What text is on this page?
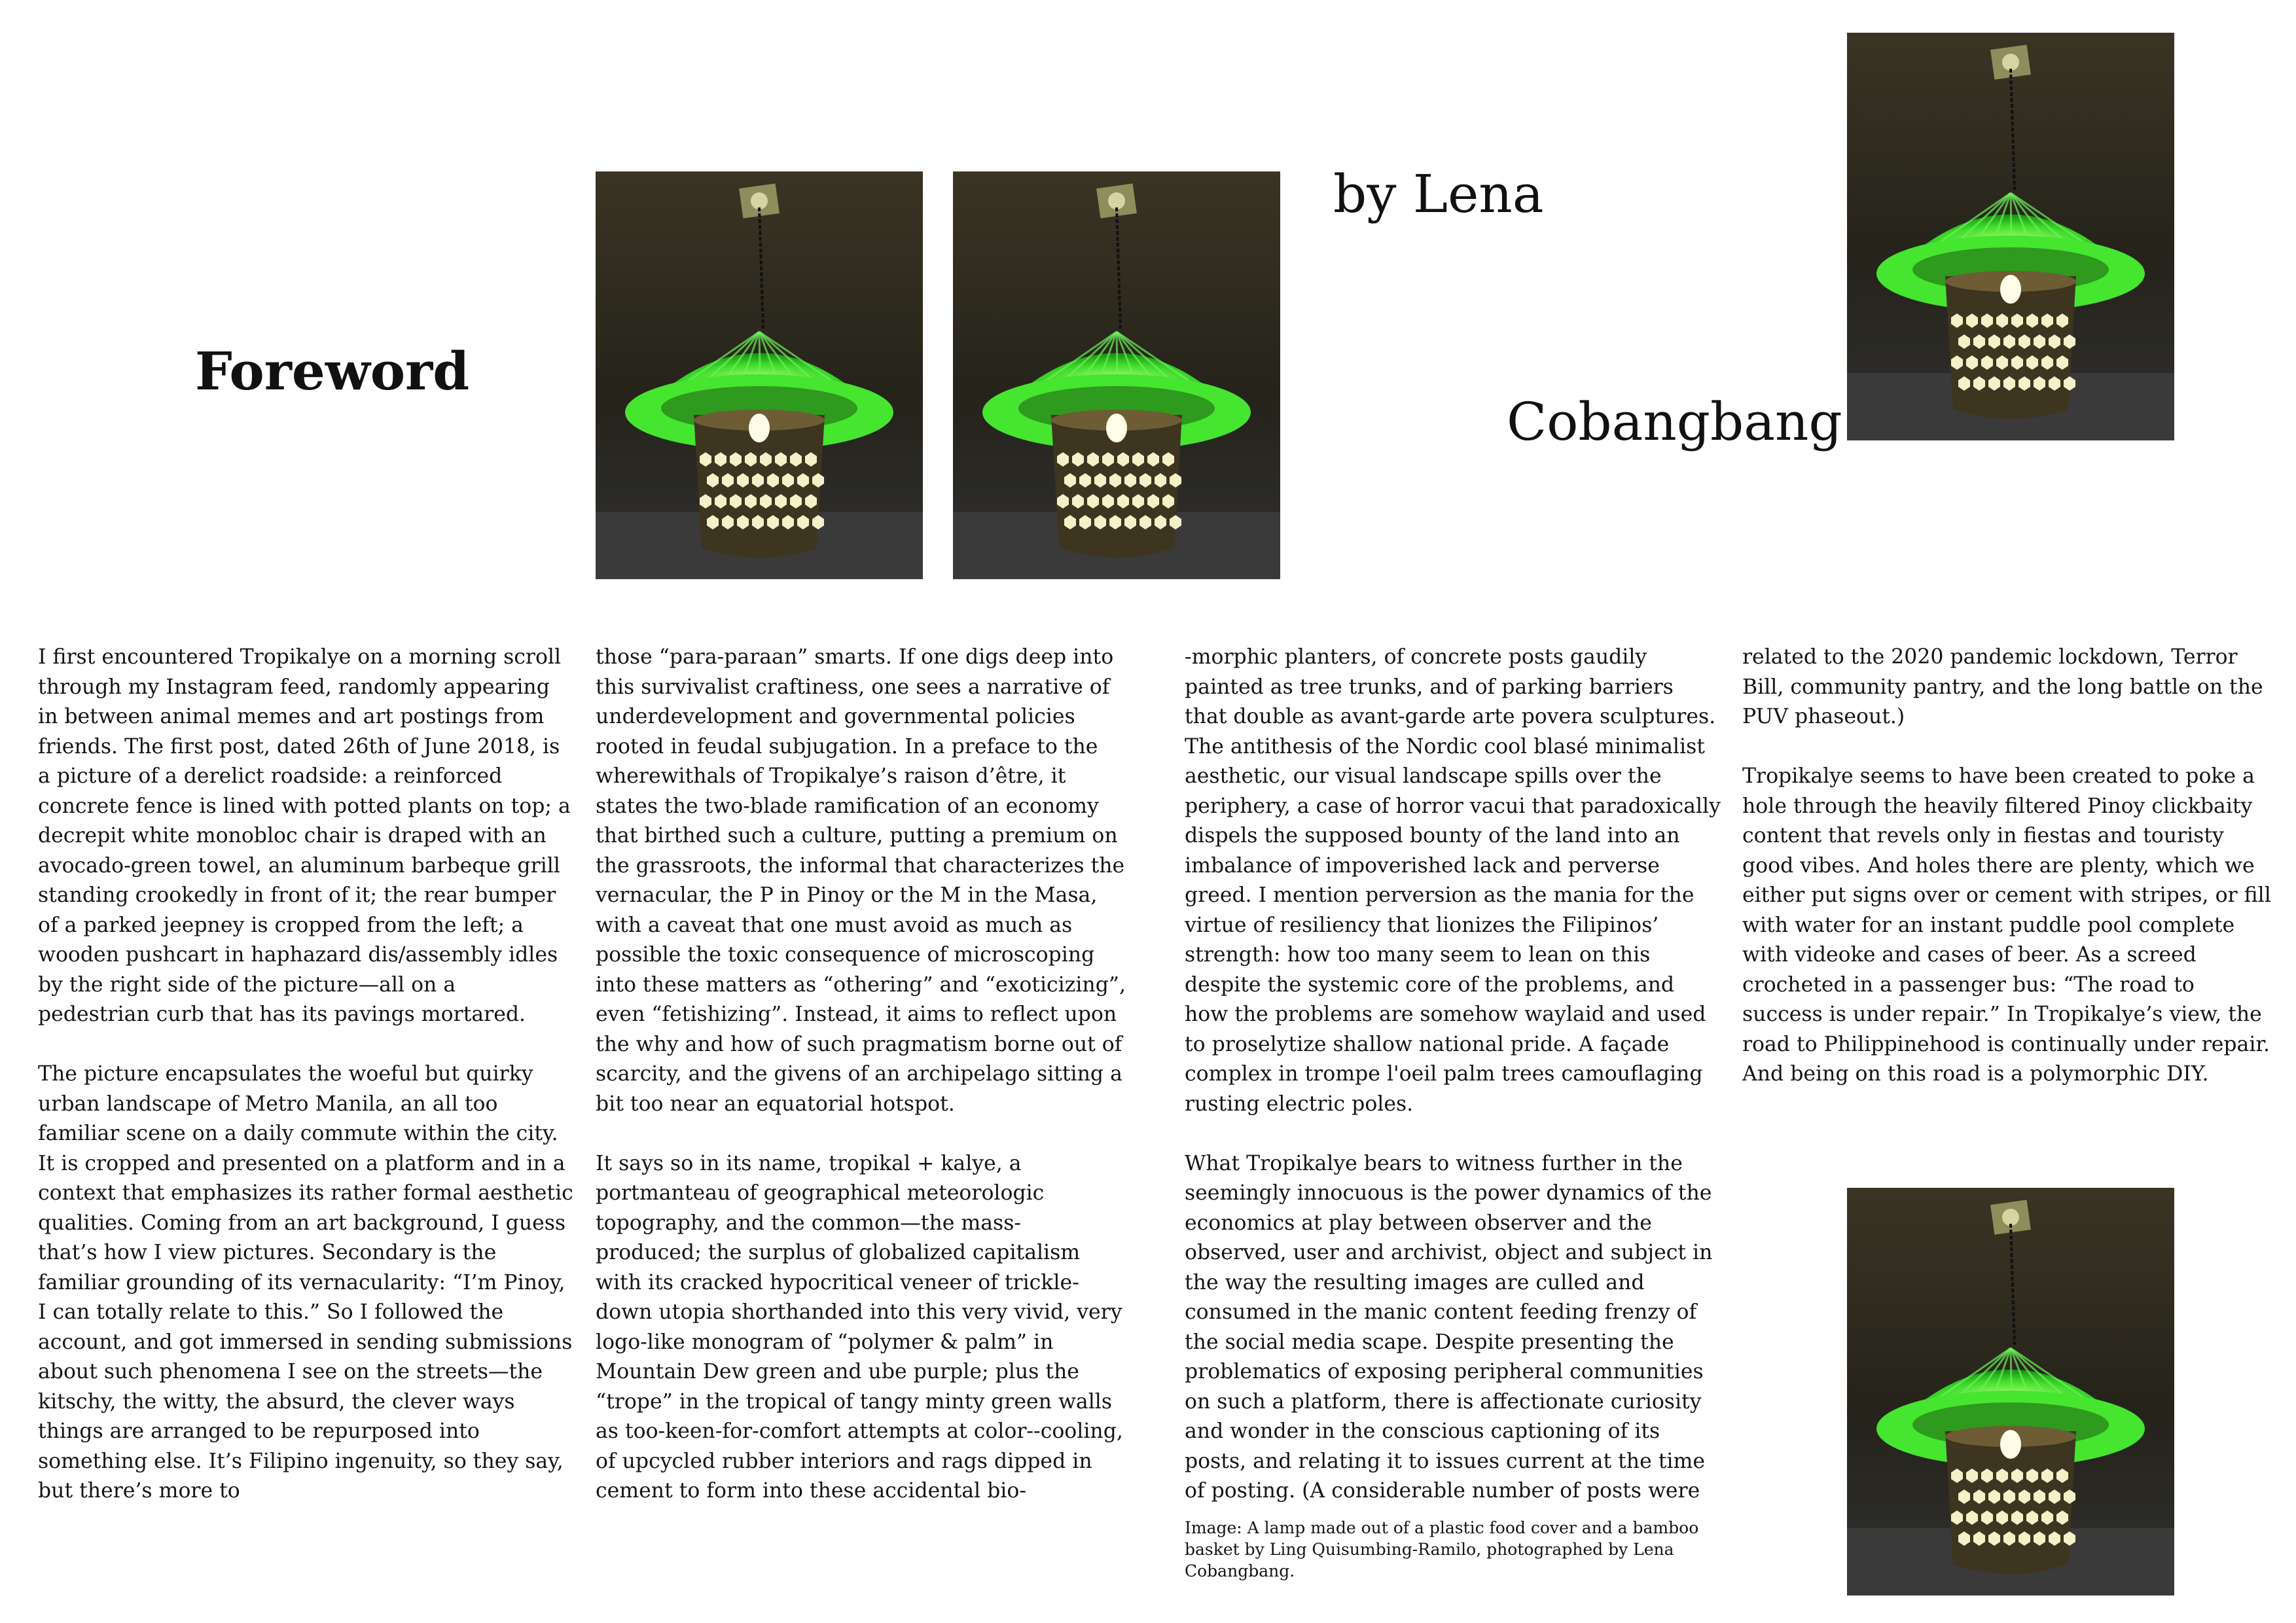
Foreword
by Lena
Cobangbang

I first encountered Tropikalye on a morning scroll through my Instagram feed, randomly appearing in between animal memes and art postings from friends. The first post, dated 26th of June 2018, is a picture of a derelict roadside: a reinforced concrete fence is lined with potted plants on top; a decrepit white monobloc chair is draped with an avocado-green towel, an aluminum barbeque grill standing crookedly in front of it; the rear bumper of a parked jeepney is cropped from the left; a wooden pushcart in haphazard dis/assembly idles by the right side of the picture—all on a pedestrian curb that has its pavings mortared.

The picture encapsulates the woeful but quirky urban landscape of Metro Manila, an all too familiar scene on a daily commute within the city. It is cropped and presented on a platform and in a context that emphasizes its rather formal aesthetic qualities. Coming from an art background, I guess that’s how I view pictures. Secondary is the familiar grounding of its vernacularity: “I’m Pinoy, I can totally relate to this.” So I followed the account, and got immersed in sending submissions about such phenomena I see on the streets—the kitschy, the witty, the absurd, the clever ways things are arranged to be repurposed into something else. It’s Filipino ingenuity, so they say, but there’s more to

those “para-paraan” smarts. If one digs deep into this survivalist craftiness, one sees a narrative of underdevelopment and governmental policies rooted in feudal subjugation. In a preface to the wherewithals of Tropikalye’s raison d’être, it states the two-blade ramification of an economy that birthed such a culture, putting a premium on the grassroots, the informal that characterizes the vernacular, the P in Pinoy or the M in the Masa, with a caveat that one must avoid as much as possible the toxic consequence of microscoping into these matters as “othering” and “exoticizing”, even “fetishizing”. Instead, it aims to reflect upon the why and how of such pragmatism borne out of scarcity, and the givens of an archipelago sitting a bit too near an equatorial hotspot.

It says so in its name, tropikal + kalye, a portmanteau of geographical meteorologic topography, and the common—the mass-produced; the surplus of globalized capitalism with its cracked hypocritical veneer of trickle-down utopia shorthanded into this very vivid, very logo-like monogram of “polymer & palm” in Mountain Dew green and ube purple; plus the “trope” in the tropical of tangy minty green walls as too-keen-for-comfort attempts at color--cooling, of upcycled rubber interiors and rags dipped in cement to form into these accidental bio-

-morphic planters, of concrete posts gaudily painted as tree trunks, and of parking barriers that double as avant-garde arte povera sculptures. The antithesis of the Nordic cool blasé minimalist aesthetic, our visual landscape spills over the periphery, a case of horror vacui that paradoxically dispels the supposed bounty of the land into an imbalance of impoverished lack and perverse greed. I mention perversion as the mania for the virtue of resiliency that lionizes the Filipinos’ strength: how too many seem to lean on this despite the systemic core of the problems, and how the problems are somehow waylaid and used to proselytize shallow national pride. A façade complex in trompe l'oeil palm trees camouflaging rusting electric poles.

What Tropikalye bears to witness further in the seemingly innocuous is the power dynamics of the economics at play between observer and the observed, user and archivist, object and subject in the way the resulting images are culled and consumed in the manic content feeding frenzy of the social media scape. Despite presenting the problematics of exposing peripheral communities on such a platform, there is affectionate curiosity and wonder in the conscious captioning of its posts, and relating it to issues current at the time of posting. (A considerable number of posts were

related to the 2020 pandemic lockdown, Terror Bill, community pantry, and the long battle on the PUV phaseout.)

Tropikalye seems to have been created to poke a hole through the heavily filtered Pinoy clickbaity content that revels only in fiestas and touristy good vibes. And holes there are plenty, which we either put signs over or cement with stripes, or fill with water for an instant puddle pool complete with videoke and cases of beer. As a screed crocheted in a passenger bus: “The road to success is under repair.” In Tropikalye’s view, the road to Philippinehood is continually under repair. And being on this road is a polymorphic DIY.

Image: A lamp made out of a plastic food cover and a bamboo basket by Ling Quisumbing-Ramilo, photographed by Lena Cobangbang.
